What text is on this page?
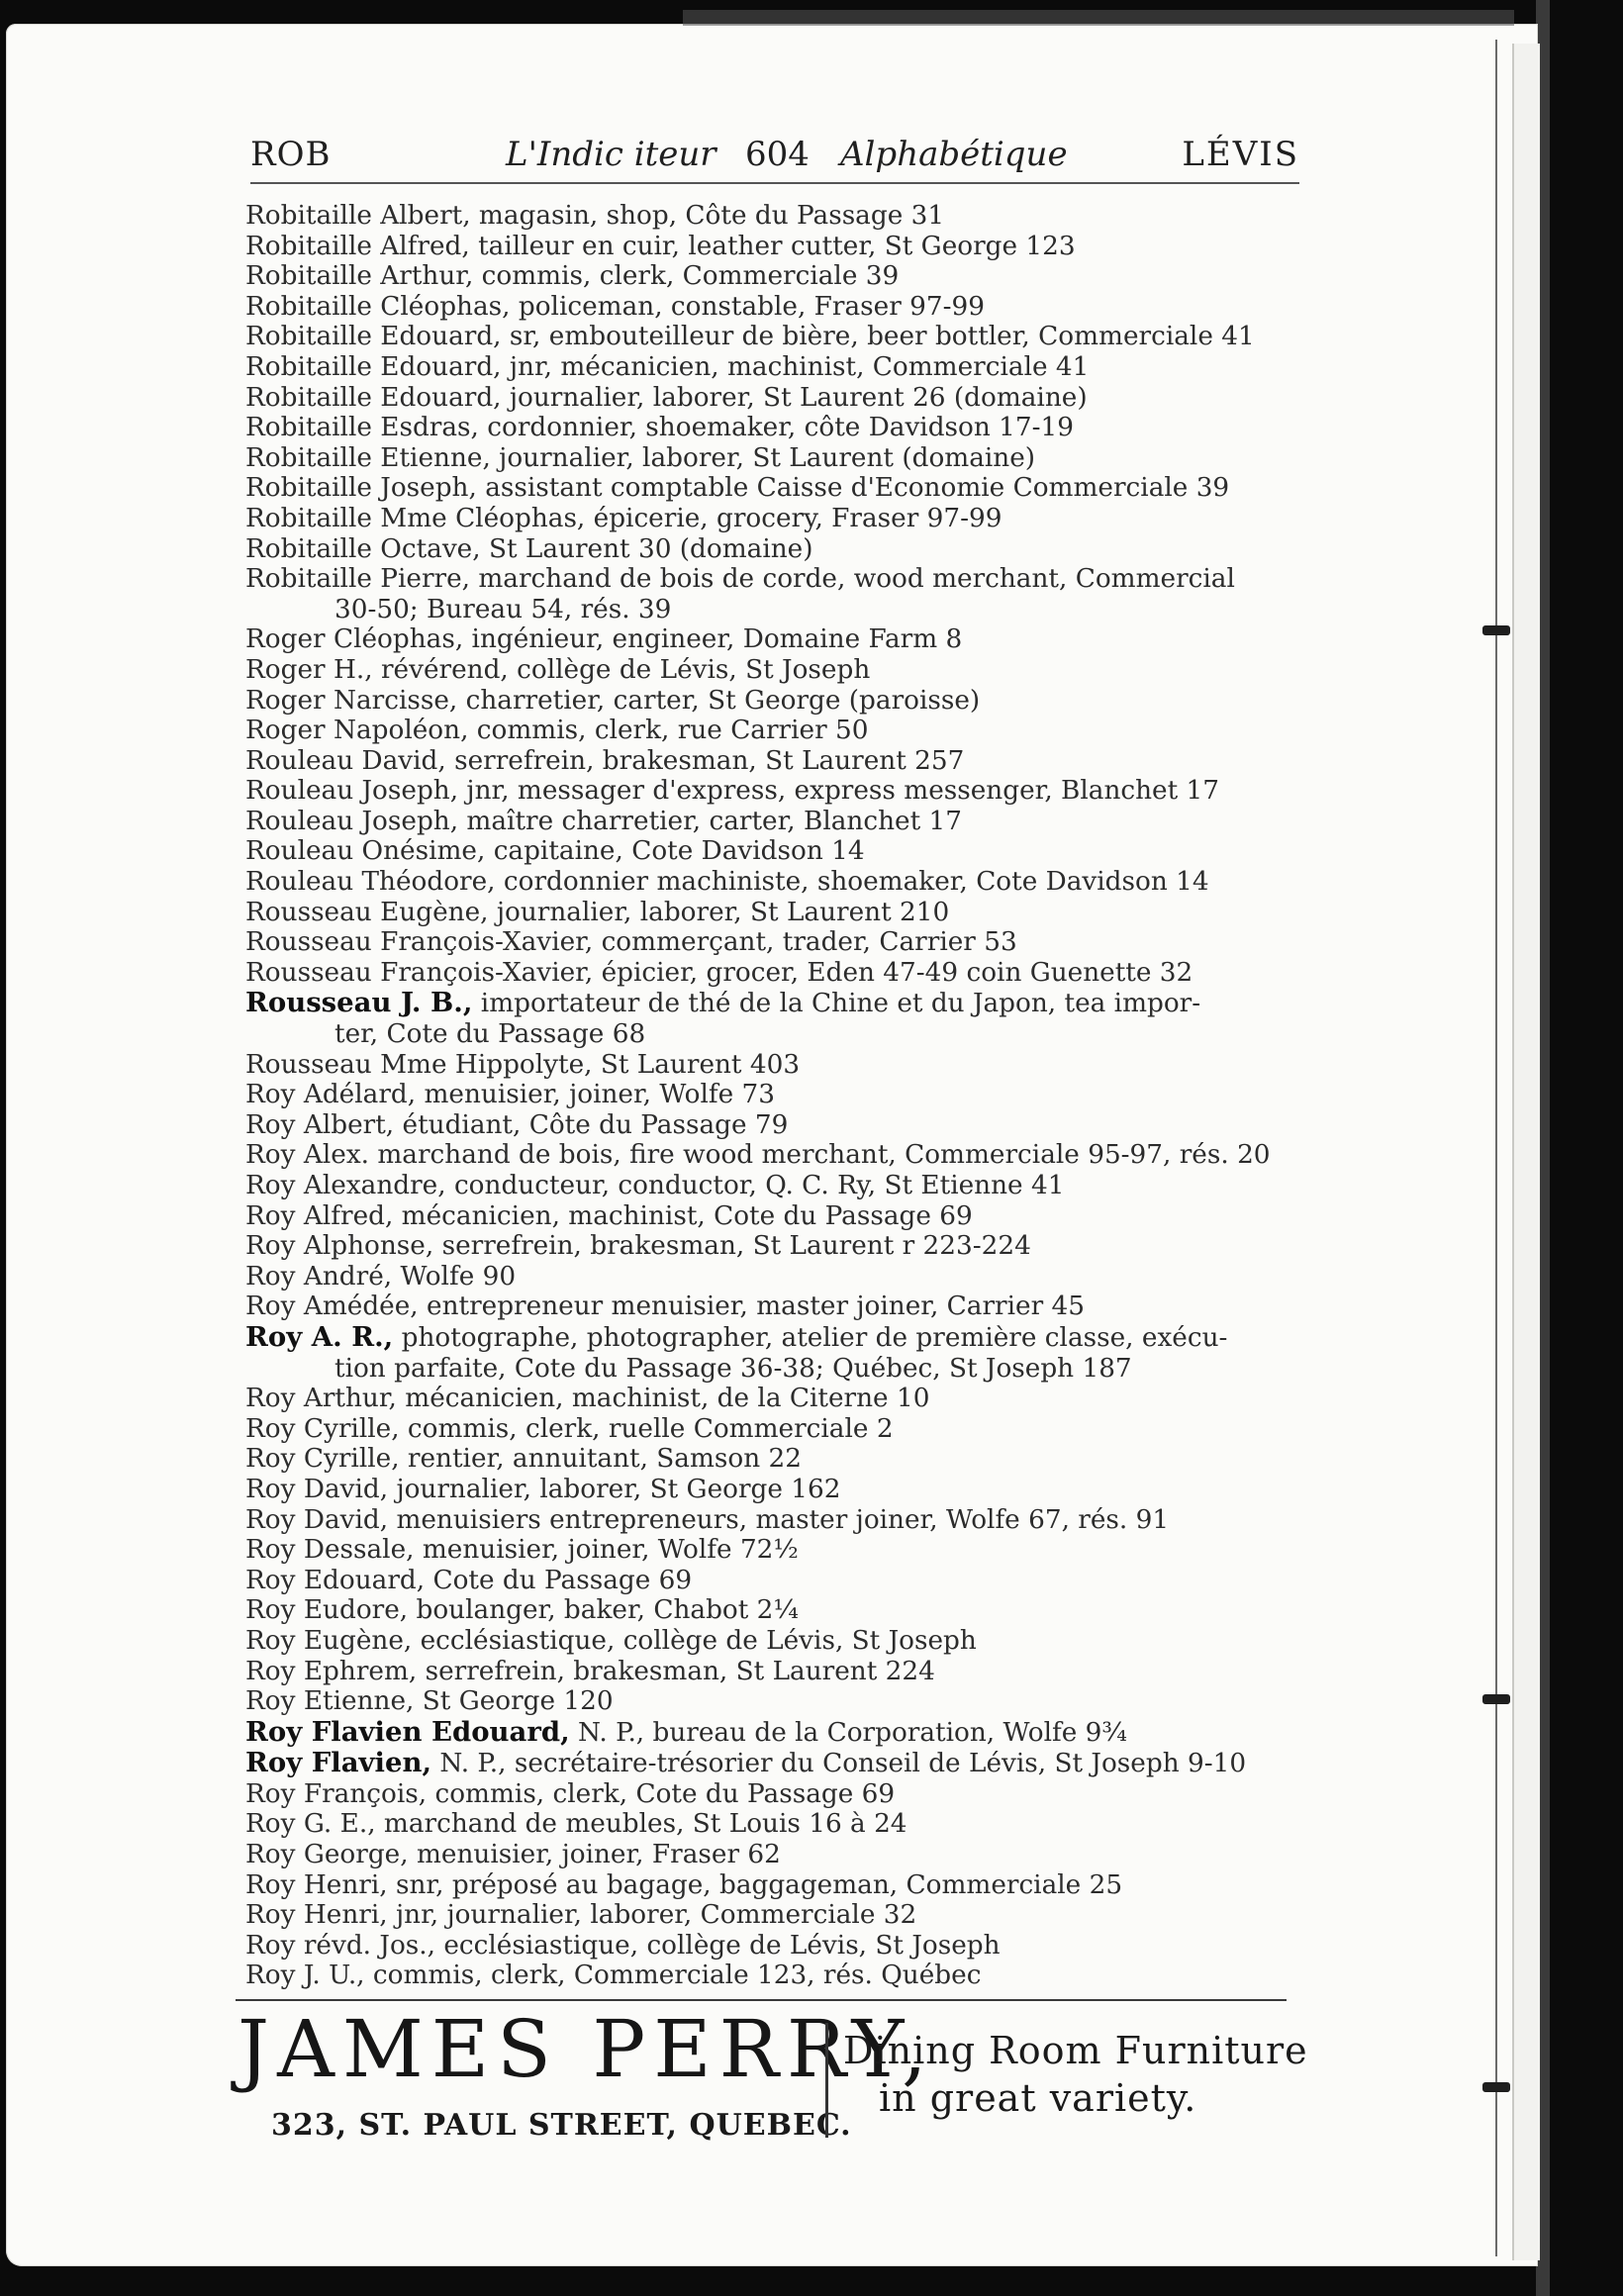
ROB	L'Indic iteur 604 Alphabétique	LÉVIS
Robitaille Albert, magasin, shop, Côte du Passage 31
Robitaille Alfred, tailleur en cuir, leather cutter, St George 123
Robitaille Arthur, commis, clerk, Commerciale 39
Robitaille Cléophas, policeman, constable, Fraser 97-99
Robitaille Edouard, sr, embouteilleur de bière, beer bottler, Commerciale 41
Robitaille Edouard, jnr, mécanicien, machinist, Commerciale 41
Robitaille Edouard, journalier, laborer, St Laurent 26 (domaine)
Robitaille Esdras, cordonnier, shoemaker, côte Davidson 17-19
Robitaille Etienne, journalier, laborer, St Laurent (domaine)
Robitaille Joseph, assistant comptable Caisse d'Economie Commerciale 39
Robitaille Mme Cléophas, épicerie, grocery, Fraser 97-99
Robitaille Octave, St Laurent 30 (domaine)
Robitaille Pierre, marchand de bois de corde, wood merchant, Commercial
30-50; Bureau 54, rés. 39
Roger Cléophas, ingénieur, engineer, Domaine Farm 8
Roger H., révérend, collège de Lévis, St Joseph
Roger Narcisse, charretier, carter, St George (paroisse)
Roger Napoléon, commis, clerk, rue Carrier 50
Rouleau David, serrefrein, brakesman, St Laurent 257
Rouleau Joseph, jnr, messager d'express, express messenger, Blanchet 17
Rouleau Joseph, maître charretier, carter, Blanchet 17
Rouleau Onésime, capitaine, Cote Davidson 14
Rouleau Théodore, cordonnier machiniste, shoemaker, Cote Davidson 14
Rousseau Eugène, journalier, laborer, St Laurent 210
Rousseau François-Xavier, commerçant, trader, Carrier 53
Rousseau François-Xavier, épicier, grocer, Eden 47-49 coin Guenette 32
Rousseau J. B., importateur de thé de la Chine et du Japon, tea impor-
ter, Cote du Passage 68
Rousseau Mme Hippolyte, St Laurent 403
Roy Adélard, menuisier, joiner, Wolfe 73
Roy Albert, étudiant, Côte du Passage 79
Roy Alex. marchand de bois, fire wood merchant, Commerciale 95-97, rés. 20
Roy Alexandre, conducteur, conductor, Q. C. Ry, St Etienne 41
Roy Alfred, mécanicien, machinist, Cote du Passage 69
Roy Alphonse, serrefrein, brakesman, St Laurent r 223-224
Roy André, Wolfe 90
Roy Amédée, entrepreneur menuisier, master joiner, Carrier 45
Roy A. R., photographe, photographer, atelier de première classe, exécu-
tion parfaite, Cote du Passage 36-38; Québec, St Joseph 187
Roy Arthur, mécanicien, machinist, de la Citerne 10
Roy Cyrille, commis, clerk, ruelle Commerciale 2
Roy Cyrille, rentier, annuitant, Samson 22
Roy David, journalier, laborer, St George 162
Roy David, menuisiers entrepreneurs, master joiner, Wolfe 67, rés. 91
Roy Dessale, menuisier, joiner, Wolfe 72½
Roy Edouard, Cote du Passage 69
Roy Eudore, boulanger, baker, Chabot 2¼
Roy Eugène, ecclésiastique, collège de Lévis, St Joseph
Roy Ephrem, serrefrein, brakesman, St Laurent 224
Roy Etienne, St George 120
Roy Flavien Edouard, N. P., bureau de la Corporation, Wolfe 9¾
Roy Flavien, N. P., secrétaire-trésorier du Conseil de Lévis, St Joseph 9-10
Roy François, commis, clerk, Cote du Passage 69
Roy G. E., marchand de meubles, St Louis 16 à 24
Roy George, menuisier, joiner, Fraser 62
Roy Henri, snr, préposé au bagage, baggageman, Commerciale 25
Roy Henri, jnr, journalier, laborer, Commerciale 32
Roy révd. Jos., ecclésiastique, collège de Lévis, St Joseph
Roy J. U., commis, clerk, Commerciale 123, rés. Québec
JAMES PERRY,
323, ST. PAUL STREET, QUEBEC.
Dining Room Furniture
in great variety.
